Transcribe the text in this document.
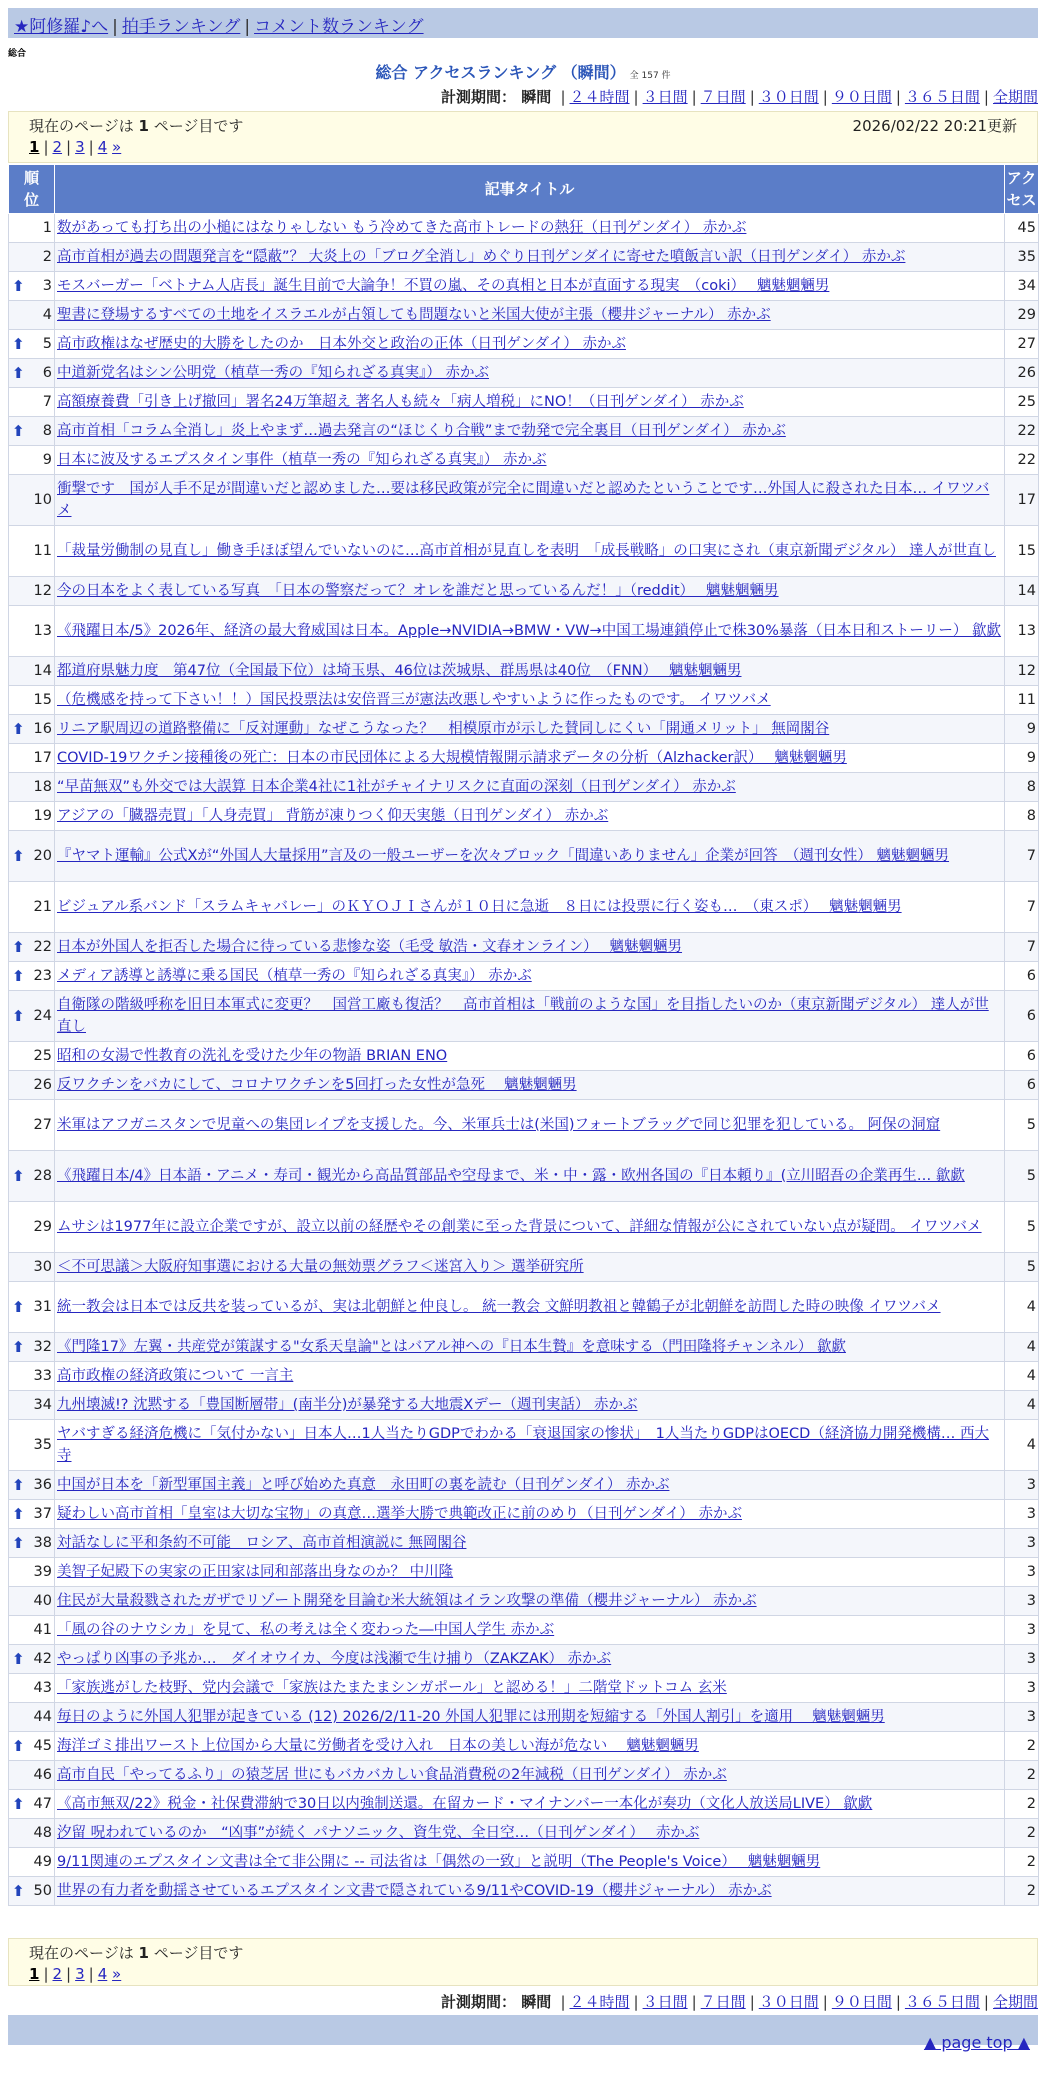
★阿修羅♪へ | 拍手ランキング | コメント数ランキング
総合
総合 アクセスランキング （瞬間） 全 157 件
計測期間： 瞬間 | ２４時間 | ３日間 | ７日間 | ３０日間 | ９０日間 | ３６５日間 | 全期間
現在のページは 1 ページ目です	2026/02/22 20:21更新
1 | 2 | 3 | 4 »
順位	記事タイトル	アクセス
1	数があっても打ち出の小槌にはなりゃしない もう冷めてきた高市トレードの熱狂（日刊ゲンダイ） 赤かぶ	45
2	高市首相が過去の問題発言を“隠蔽”？ 大炎上の「ブログ全消し」めぐり日刊ゲンダイに寄せた噴飯言い訳（日刊ゲンダイ） 赤かぶ	35

⬆ 3	モスバーガー「ベトナム人店長」誕生目前で大論争！不買の嵐、その真相と日本が直面する現実　（coki）　 魑魅魍魎男	34
4	聖書に登場するすべての土地をイスラエルが占領しても問題ないと米国大使が主張（櫻井ジャーナル） 赤かぶ	29

⬆ 5	高市政権はなぜ歴史的大勝をしたのか　日本外交と政治の正体（日刊ゲンダイ） 赤かぶ	27

⬆ 6	中道新党名はシン公明党（植草一秀の『知られざる真実』） 赤かぶ	26
7	高額療養費「引き上げ撤回」署名24万筆超え 著名人も続々「病人増税」にNO！（日刊ゲンダイ） 赤かぶ	25

⬆ 8	高市首相「コラム全消し」炎上やまず…過去発言の“ほじくり合戦”まで勃発で完全裏目（日刊ゲンダイ） 赤かぶ	22
9	日本に波及するエプスタイン事件（植草一秀の『知られざる真実』） 赤かぶ	22
10	衝撃です　国が人手不足が間違いだと認めました…要は移民政策が完全に間違いだと認めたということです…外国人に殺された日本… イワツバメ	17
11	「裁量労働制の見直し」働き手ほぼ望んでいないのに…高市首相が見直しを表明　「成長戦略」の口実にされ（東京新聞デジタル） 達人が世直し	15
12	今の日本をよく表している写真　「日本の警察だって？オレを誰だと思っているんだ！」（reddit）　 魑魅魍魎男	14
13	《飛躍日本/5》2026年、経済の最大脅威国は日本。Apple→NVIDIA→BMW・VW→中国工場連鎖停止で株30%暴落（日本日和ストーリー） 歙歔	13
14	都道府県魅力度　第47位（全国最下位）は埼玉県、46位は茨城県、群馬県は40位　（FNN）　 魑魅魍魎男	12
15	（危機感を持って下さい！！）国民投票法は安倍晋三が憲法改悪しやすいように作ったものです。 イワツバメ	11

⬆ 16	リニア駅周辺の道路整備に「反対運動」なぜこうなった？　相模原市が示した賛同しにくい「開通メリット」 無岡閣谷	9
17	COVID-19ワクチン接種後の死亡：日本の市民団体による大規模情報開示請求データの分析（Alzhacker訳）　 魑魅魍魎男	9
18	“早苗無双”も外交では大誤算 日本企業4社に1社がチャイナリスクに直面の深刻（日刊ゲンダイ） 赤かぶ	8
19	アジアの「臓器売買」「人身売買」 背筋が凍りつく仰天実態（日刊ゲンダイ） 赤かぶ	8

⬆ 20	『ヤマト運輸』公式Xが“外国人大量採用”言及の一般ユーザーを次々ブロック「間違いありません」企業が回答　（週刊女性） 魑魅魍魎男	7
21	ビジュアル系バンド「スラムキャバレー」のＫＹＯＪＩさんが１０日に急逝　８日には投票に行く姿も…　（東スポ）　 魑魅魍魎男	7

⬆ 22	日本が外国人を拒否した場合に待っている悲惨な姿（毛受 敏浩・文春オンライン）　 魑魅魍魎男	7

⬆ 23	メディア誘導と誘導に乗る国民（植草一秀の『知られざる真実』） 赤かぶ	6

⬆ 24	自衛隊の階級呼称を旧日本軍式に変更？　国営工廠も復活？　高市首相は「戦前のような国」を目指したいのか（東京新聞デジタル） 達人が世直し	6
25	昭和の女湯で性教育の洗礼を受けた少年の物語 BRIAN ENO	6
26	反ワクチンをバカにして、コロナワクチンを5回打った女性が急死　 魑魅魍魎男	6
27	米軍はアフガニスタンで児童への集団レイプを支援した。今、米軍兵士は(米国)フォートブラッグで同じ犯罪を犯している。 阿保の洞窟	5

⬆ 28	《飛躍日本/4》日本語・アニメ・寿司・観光から高品質部品や空母まで、米・中・露・欧州各国の『日本頼り』(立川昭吾の企業再生… 歙歔	5
29	ムサシは1977年に設立企業ですが、設立以前の経歴やその創業に至った背景について、詳細な情報が公にされていない点が疑問。 イワツバメ	5
30	＜不可思議＞大阪府知事選における大量の無効票グラフ＜迷宮入り＞ 選挙研究所	5

⬆ 31	統一教会は日本では反共を装っているが、実は北朝鮮と仲良し。 統一教会 文鮮明教祖と韓鶴子が北朝鮮を訪問した時の映像 イワツバメ	4

⬆ 32	《門隆17》左翼・共産党が策謀する"女系天皇論"とはバアル神への『日本生贄』を意味する（門田隆将チャンネル） 歙歔	4
33	高市政権の経済政策について 一言主	4
34	九州壊滅!? 沈黙する「豊国断層帯」(南半分)が暴発する大地震Xデー（週刊実話） 赤かぶ	4
35	ヤバすぎる経済危機に「気付かない」日本人…1人当たりGDPでわかる「衰退国家の惨状」　1人当たりGDPはOECD（経済協力開発機構… 西大寺	4

⬆ 36	中国が日本を「新型軍国主義」と呼び始めた真意　永田町の裏を読む（日刊ゲンダイ） 赤かぶ	3

⬆ 37	疑わしい高市首相「皇室は大切な宝物」の真意…選挙大勝で典範改正に前のめり（日刊ゲンダイ） 赤かぶ	3

⬆ 38	対話なしに平和条約不可能　ロシア、高市首相演説に 無岡閣谷	3
39	美智子妃殿下の実家の正田家は同和部落出身なのか？ 中川隆	3
40	住民が大量殺戮されたガザでリゾート開発を目論む米大統領はイラン攻撃の準備（櫻井ジャーナル） 赤かぶ	3
41	「風の谷のナウシカ」を見て、私の考えは全く変わった―中国人学生 赤かぶ	3

⬆ 42	やっぱり凶事の予兆か…　ダイオウイカ、今度は浅瀬で生け捕り（ZAKZAK） 赤かぶ	3
43	「家族逃がした枝野、党内会議で「家族はたまたまシンガポール」と認める！」二階堂ドットコム 玄米	3
44	毎日のように外国人犯罪が起きている (12) 2026/2/11-20 外国人犯罪には刑期を短縮する「外国人割引」を適用　 魑魅魍魎男	3

⬆ 45	海洋ゴミ排出ワースト上位国から大量に労働者を受け入れ　日本の美しい海が危ない　 魑魅魍魎男	2
46	高市自民「やってるふり」の猿芝居 世にもバカバカしい食品消費税の2年減税（日刊ゲンダイ） 赤かぶ	2

⬆ 47	《高市無双/22》税金・社保費滞納で30日以内強制送還。在留カード・マイナンバー一本化が奏功（文化人放送局LIVE） 歙歔	2
48	汐留 呪われているのか　“凶事”が続く パナソニック、資生党、全日空…（日刊ゲンダイ）　 赤かぶ	2
49	9/11関連のエプスタイン文書は全て非公開に -- 司法省は「偶然の一致」と説明（The People's Voice）　 魑魅魍魎男	2

⬆ 50	世界の有力者を動揺させているエプスタイン文書で隠されている9/11やCOVID-19（櫻井ジャーナル） 赤かぶ	2
現在のページは 1 ページ目です
1 | 2 | 3 | 4 »
計測期間： 瞬間 | ２４時間 | ３日間 | ７日間 | ３０日間 | ９０日間 | ３６５日間 | 全期間
▲ page top ▲
